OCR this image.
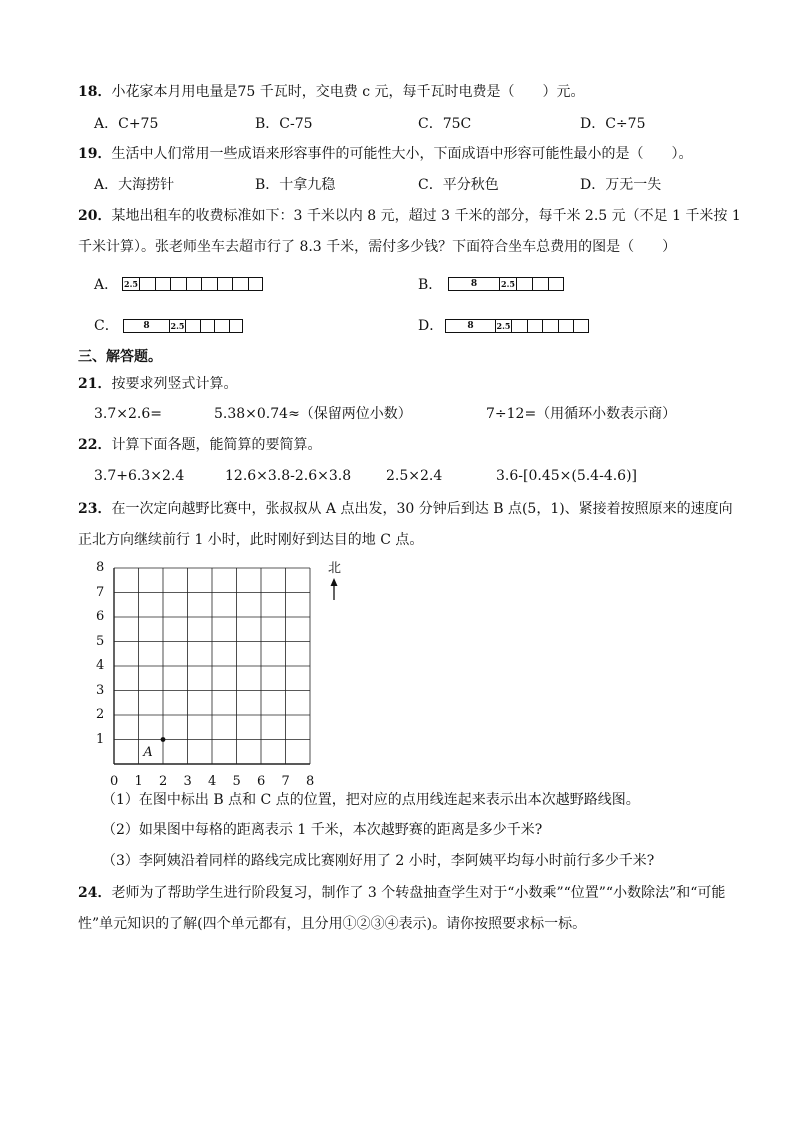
18．小花家本月用电量是75 千瓦时，交电费 c 元，每千瓦时电费是（　　）元。
A．C+75	B．C-75	C．75C	D．C÷75
19．生活中人们常用一些成语来形容事件的可能性大小，下面成语中形容可能性最小的是（　　）。
A．大海捞针	B．十拿九稳	C．平分秋色	D．万无一失
20．某地出租车的收费标准如下：3 千米以内 8 元，超过 3 千米的部分，每千米 2.5 元（不足 1 千米按 1
千米计算）。张老师坐车去超市行了 8.3 千米，需付多少钱？下面符合坐车总费用的图是（　　）
A． 2.5	B．	8	2.5
C．	8	2.5	D．	8	2.5
三、解答题。
21．按要求列竖式计算。
3.7×2.6=	5.38×0.74≈（保留两位小数）	7÷12=（用循环小数表示商）
22．计算下面各题，能简算的要简算。
3.7+6.3×2.4	12.6×3.8-2.6×3.8 2.5×2.4	3.6-[0.45×(5.4-4.6)]
23．在一次定向越野比赛中，张叔叔从 A 点出发，30 分钟后到达 B 点(5，1)、紧接着按照原来的速度向
正北方向继续前行 1 小时，此时刚好到达目的地 C 点。
0 1 2 3 4 5 6 7 8
1
2
3
4
5
6
7
8
A
北
（1）在图中标出 B 点和 C 点的位置，把对应的点用线连起来表示出本次越野路线图。
（2）如果图中每格的距离表示 1 千米，本次越野赛的距离是多少千米?
（3）李阿姨沿着同样的路线完成比赛刚好用了 2 小时，李阿姨平均每小时前行多少千米?
24．老师为了帮助学生进行阶段复习，制作了 3 个转盘抽查学生对于“小数乘”“位置”“小数除法”和“可能
性”单元知识的了解(四个单元都有，且分用①②③④表示)。请你按照要求标一标。
